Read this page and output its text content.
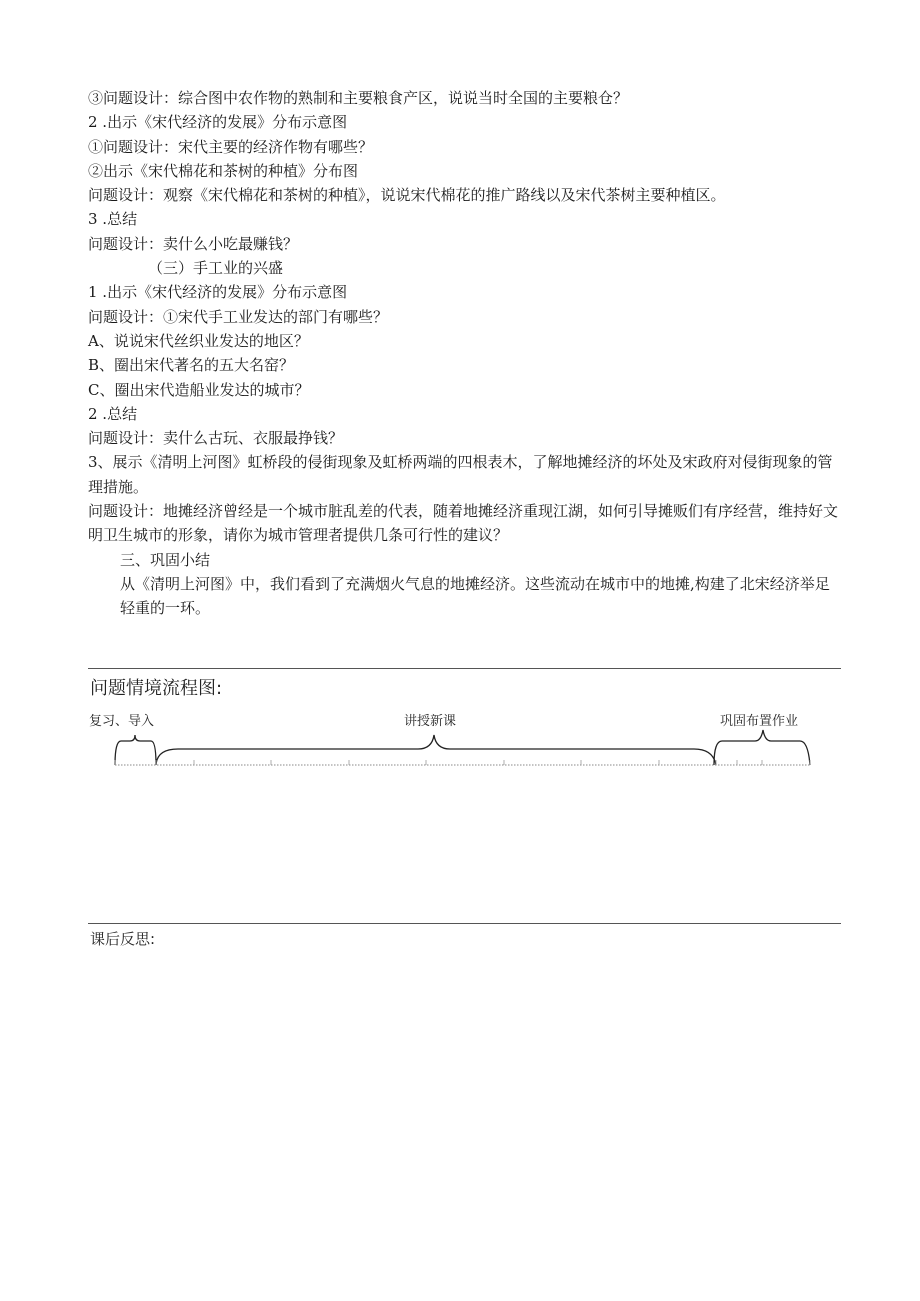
③问题设计：综合图中农作物的熟制和主要粮食产区，说说当时全国的主要粮仓？
2 .出示《宋代经济的发展》分布示意图
①问题设计：宋代主要的经济作物有哪些？
②出示《宋代棉花和茶树的种植》分布图
问题设计：观察《宋代棉花和茶树的种植》，说说宋代棉花的推广路线以及宋代茶树主要种植区。
3 .总结
问题设计：卖什么小吃最赚钱？
（三）手工业的兴盛
1 .出示《宋代经济的发展》分布示意图
问题设计：①宋代手工业发达的部门有哪些？
A、说说宋代丝织业发达的地区？
B、圈出宋代著名的五大名窑？
C、圈出宋代造船业发达的城市？
2 .总结
问题设计：卖什么古玩、衣服最挣钱？
3、展示《清明上河图》虹桥段的侵街现象及虹桥两端的四根表木，了解地摊经济的坏处及宋政府对侵街现象的管理措施。
问题设计：地摊经济曾经是一个城市脏乱差的代表，随着地摊经济重现江湖，如何引导摊贩们有序经营，维持好文明卫生城市的形象，请你为城市管理者提供几条可行性的建议？
三、巩固小结
从《清明上河图》中，我们看到了充满烟火气息的地摊经济。这些流动在城市中的地摊,构建了北宋经济举足轻重的一环。
问题情境流程图:
复习、导入	讲授新课	巩固布置作业
课后反思:
